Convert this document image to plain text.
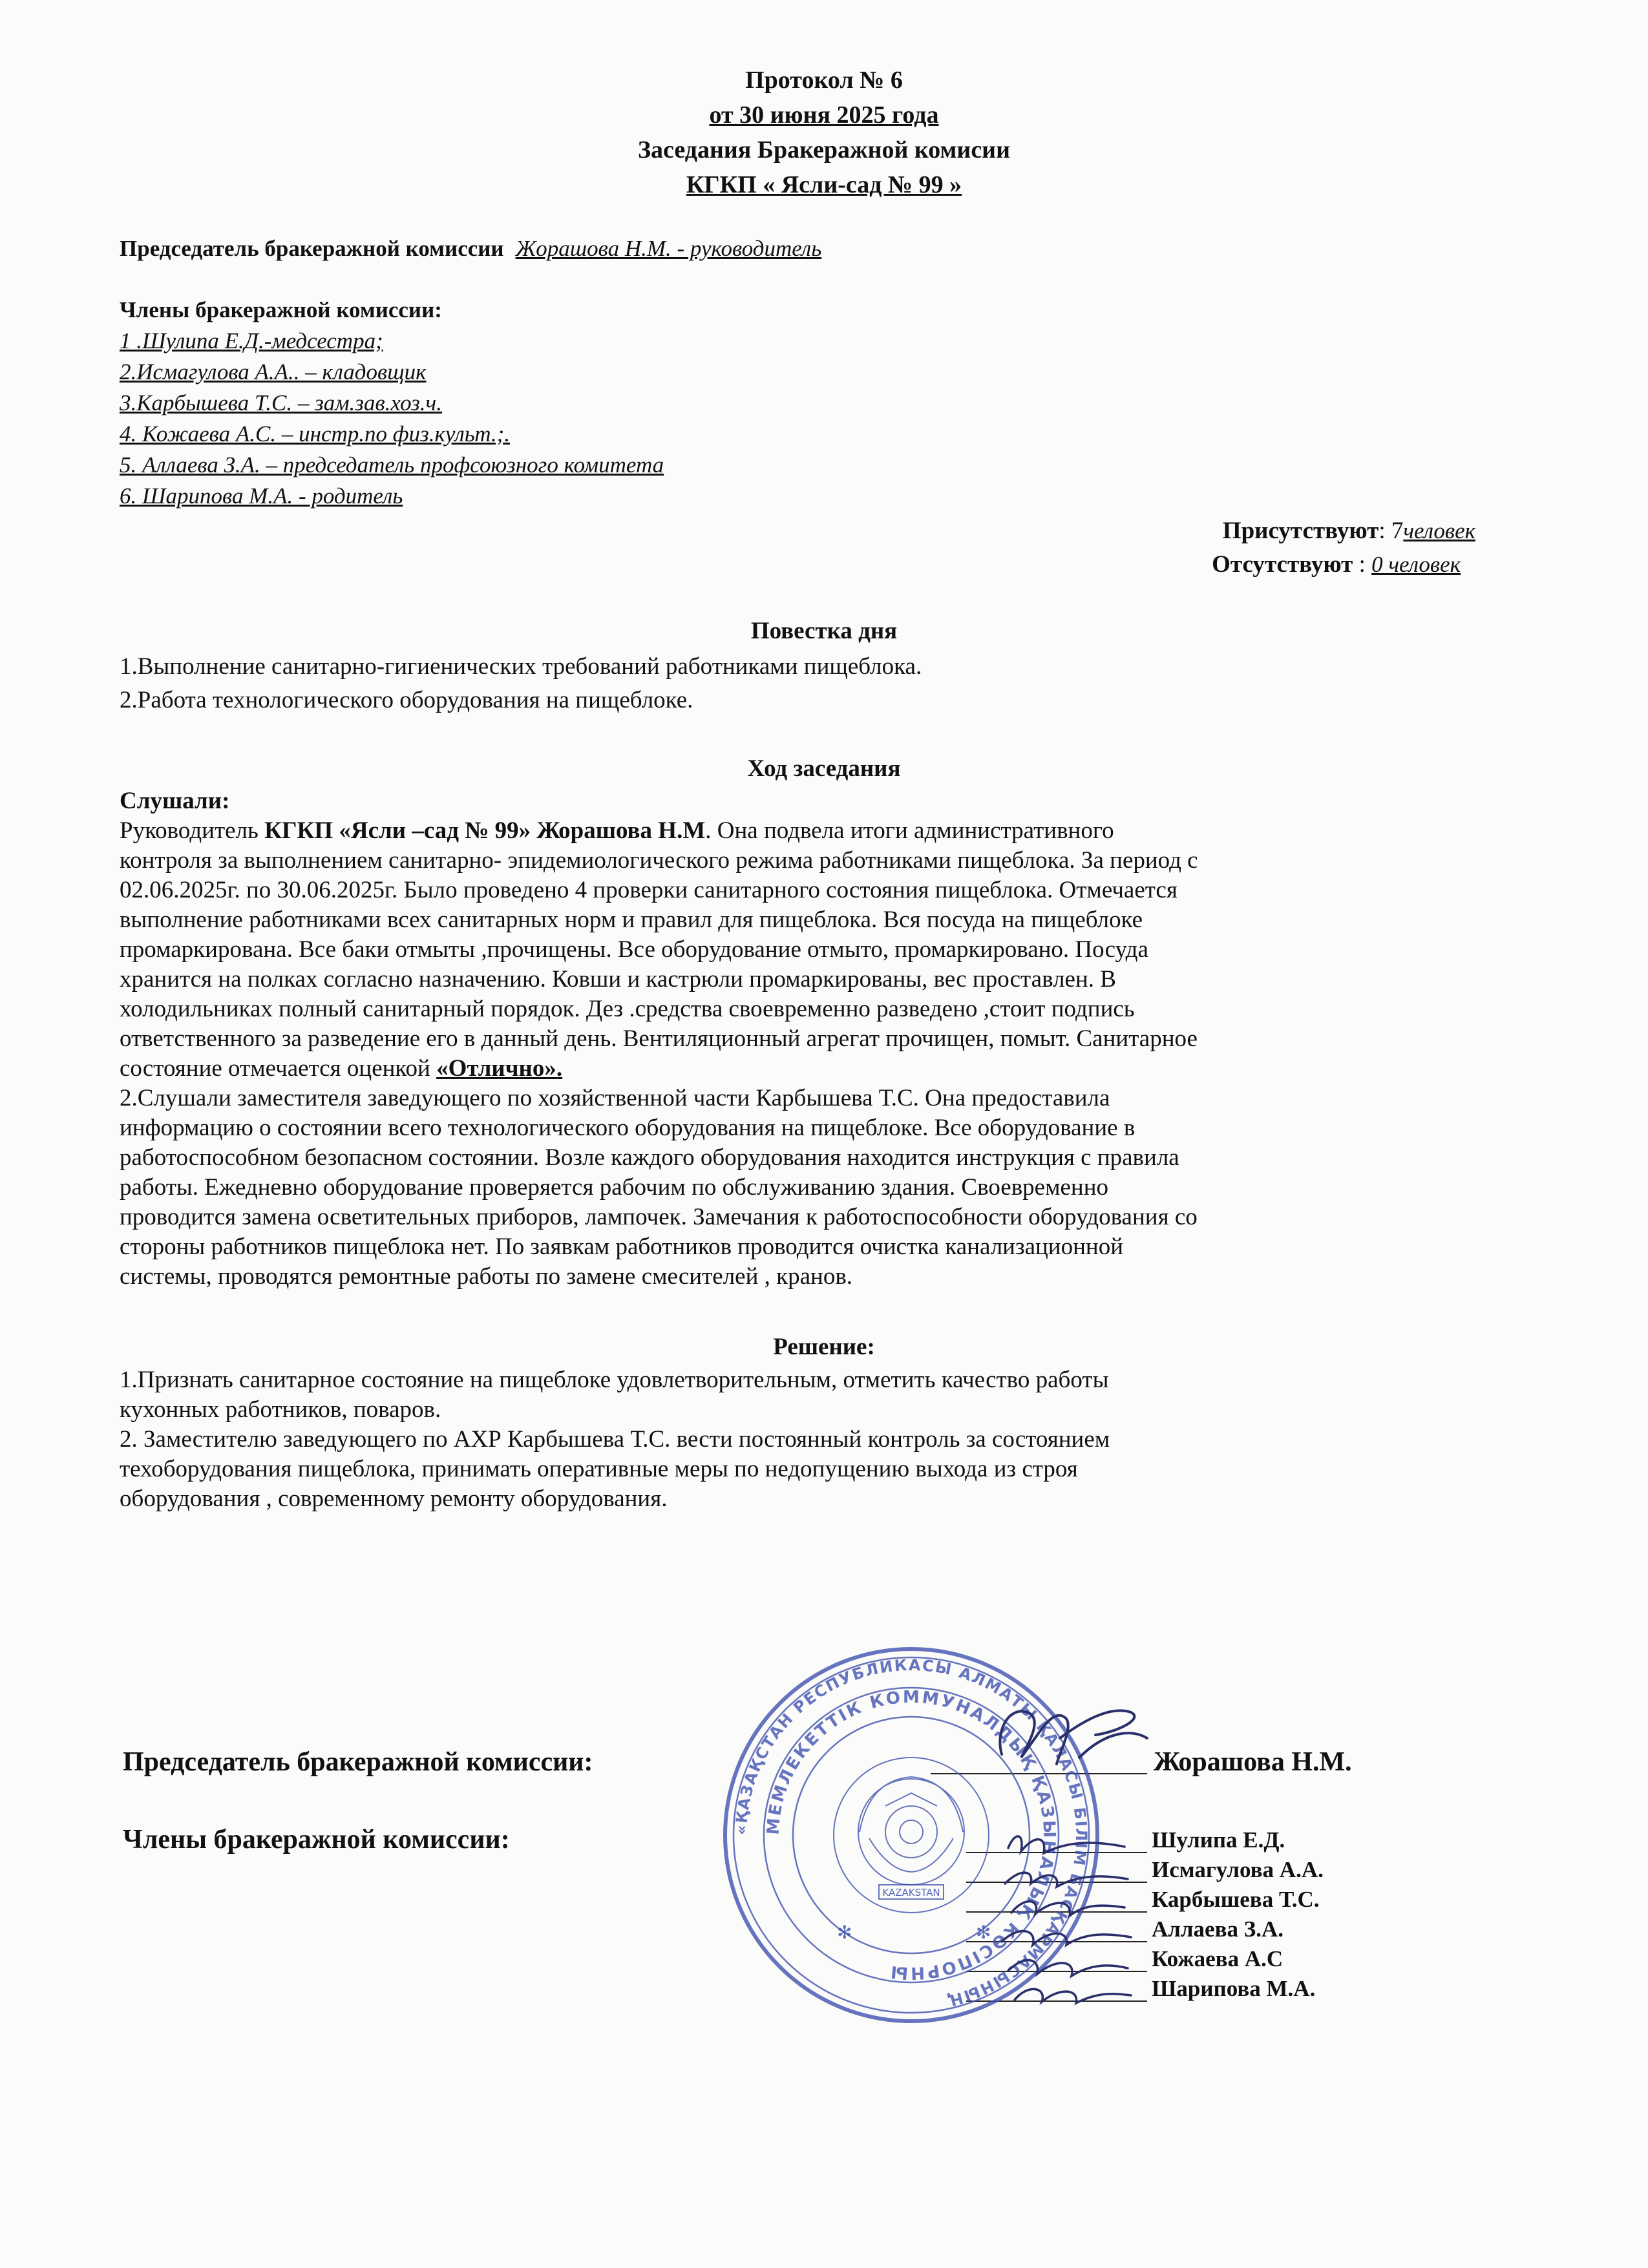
Протокол № 6
от 30 июня 2025 года
Заседания Бракеражной комисии
КГКП « Ясли-сад № 99 »
Председатель бракеражной комиссии Жорашова Н.М. - руководитель
Члены бракеражной комиссии:
1 .Шулипа Е.Д.-медсестра;
2.Исмагулова А.А.. – кладовщик
3.Карбышева Т.С. – зам.зав.хоз.ч.
4. Кожаева А.С. – инстр.по физ.культ.;.
5. Аллаева З.А. – председатель профсоюзного комитета
6. Шарипова М.А. - родитель
Присутствуют: 7человек
Отсутствуют : 0 человек
Повестка дня
1.Выполнение санитарно-гигиенических требований работниками пищеблока.
2.Работа технологического оборудования на пищеблоке.
Ход заседания
Слушали:
Руководитель КГКП «Ясли –сад № 99» Жорашова Н.М. Она подвела итоги административного
контроля за выполнением санитарно- эпидемиологического режима работниками пищеблока. За период с
02.06.2025г. по 30.06.2025г. Было проведено 4 проверки санитарного состояния пищеблока. Отмечается
выполнение работниками всех санитарных норм и правил для пищеблока. Вся посуда на пищеблоке
промаркирована. Все баки отмыты ,прочищены. Все оборудование отмыто, промаркировано. Посуда
хранится на полках согласно назначению. Ковши и кастрюли промаркированы, вес проставлен. В
холодильниках полный санитарный порядок. Дез .средства своевременно разведено ,стоит подпись
ответственного за разведение его в данный день. Вентиляционный агрегат прочищен, помыт. Санитарное
состояние отмечается оценкой «Отлично».
2.Слушали заместителя заведующего по хозяйственной части Карбышева Т.С. Она предоставила
информацию о состоянии всего технологического оборудования на пищеблоке. Все оборудование в
работоспособном безопасном состоянии. Возле каждого оборудования находится инструкция с правила
работы. Ежедневно оборудование проверяется рабочим по обслуживанию здания. Своевременно
проводится замена осветительных приборов, лампочек. Замечания к работоспособности оборудования со
стороны работников пищеблока нет. По заявкам работников проводится очистка канализационной
системы, проводятся ремонтные работы по замене смесителей , кранов.
Решение:
1.Признать санитарное состояние на пищеблоке удовлетворительным, отметить качество работы
кухонных работников, поваров.
2. Заместителю заведующего по АХР Карбышева Т.С. вести постоянный контроль за состоянием
техоборудования пищеблока, принимать оперативные меры по недопущению выхода из строя
оборудования , современному ремонту оборудования.
Председатель бракеражной комиссии:	Жорашова Н.М.
Члены бракеражной комиссии:	Шулипа Е.Д.
Исмагулова А.А.
Карбышева Т.С.
Аллаева З.А.
Кожаева А.С
Шарипова М.А.
«ҚАЗАҚСТАН РЕСПУБЛИКАСЫ АЛМАТЫ ҚАЛАСЫ БІЛІМ БАСҚАРМАСЫНЫҢ
МЕМЛЕКЕТТІК КОММУНАЛДЫҚ ҚАЗЫНАЛЫҚ КӘСІПОРНЫ
KAZAKSTAN
✻	✻
